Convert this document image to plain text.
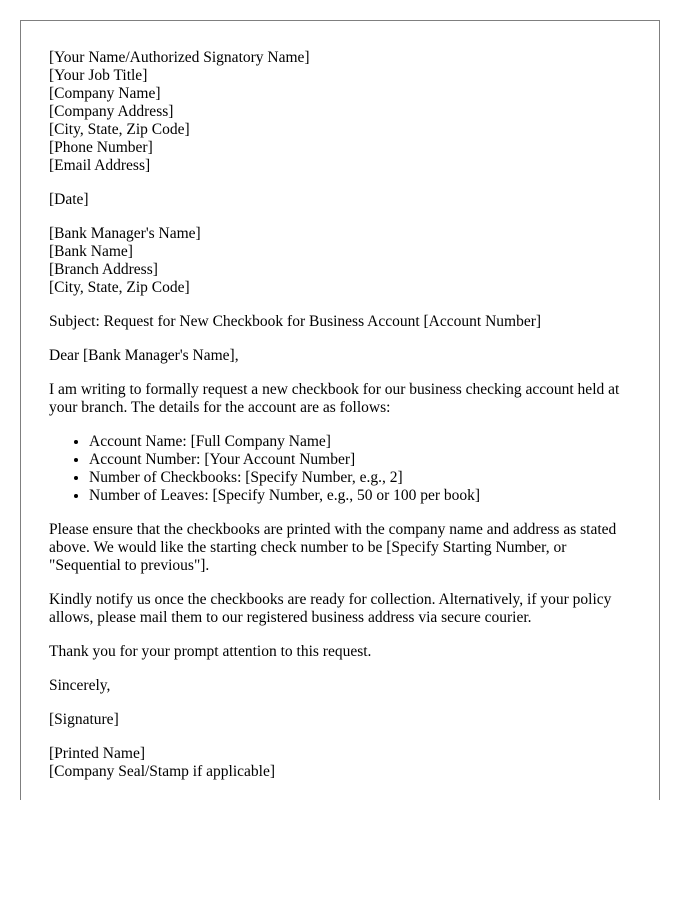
[Your Name/Authorized Signatory Name]
[Your Job Title]
[Company Name]
[Company Address]
[City, State, Zip Code]
[Phone Number]
[Email Address]
[Date]
[Bank Manager's Name]
[Bank Name]
[Branch Address]
[City, State, Zip Code]

Subject: Request for New Checkbook for Business Account [Account Number]

Dear [Bank Manager's Name],

I am writing to formally request a new checkbook for our business checking account held at your branch. The details for the account are as follows:

• Account Name: [Full Company Name]
• Account Number: [Your Account Number]
• Number of Checkbooks: [Specify Number, e.g., 2]
• Number of Leaves: [Specify Number, e.g., 50 or 100 per book]

Please ensure that the checkbooks are printed with the company name and address as stated above. We would like the starting check number to be [Specify Starting Number, or "Sequential to previous"].

Kindly notify us once the checkbooks are ready for collection. Alternatively, if your policy allows, please mail them to our registered business address via secure courier.

Thank you for your prompt attention to this request.

Sincerely,

[Signature]

[Printed Name]
[Company Seal/Stamp if applicable]
